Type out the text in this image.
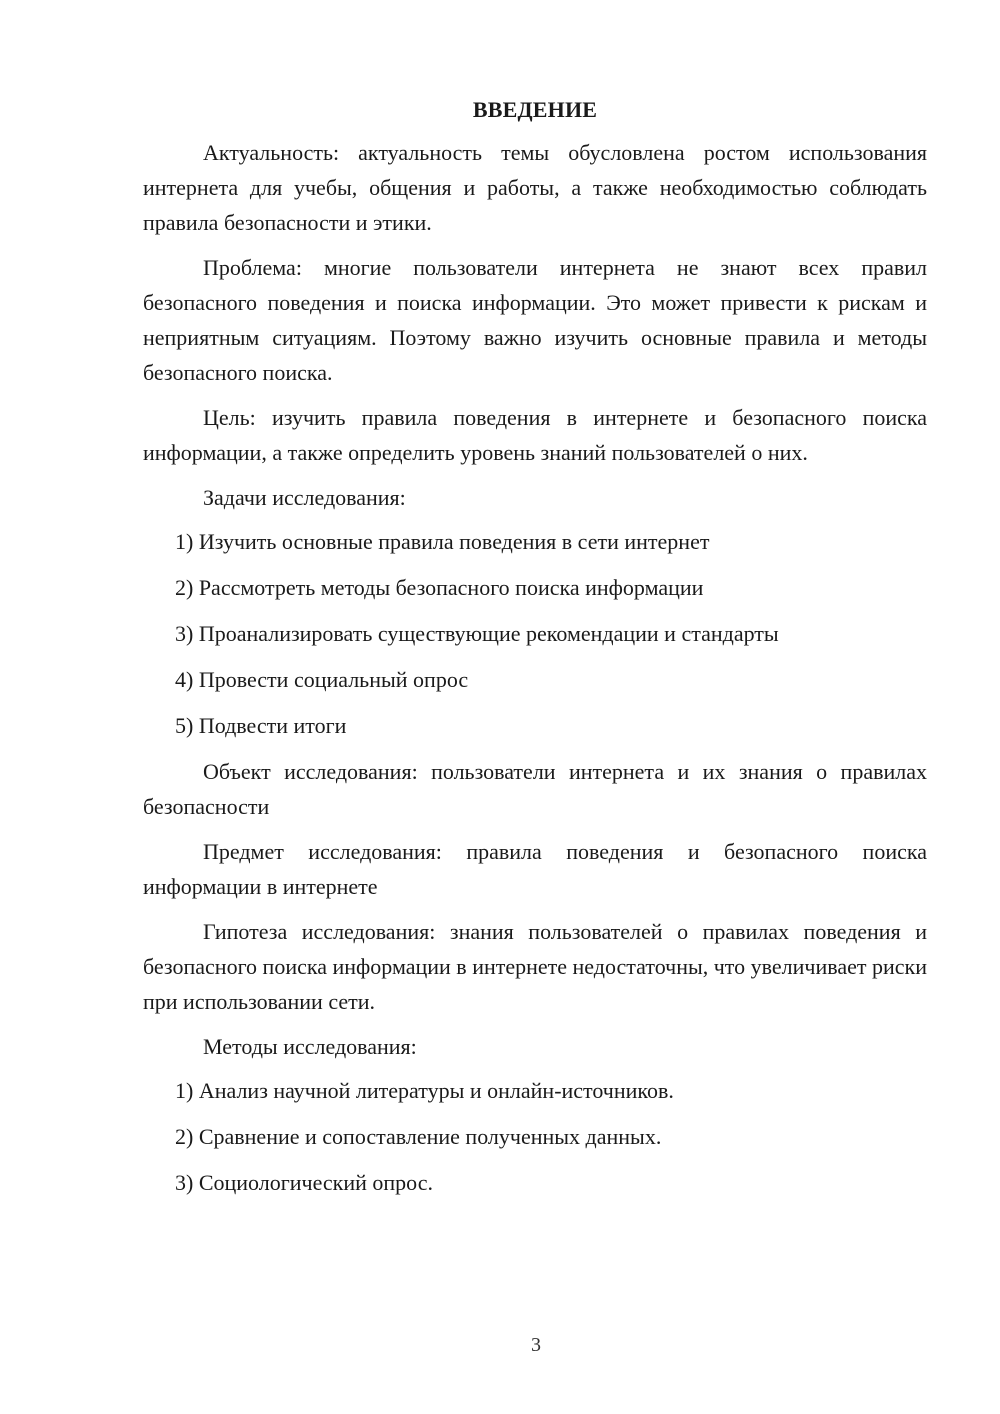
ВВЕДЕНИЕ

Актуальность: актуальность темы обусловлена ростом использования интернета для учебы, общения и работы, а также необходимостью соблюдать правила безопасности и этики.

Проблема: многие пользователи интернета не знают всех правил безопасного поведения и поиска информации. Это может привести к рискам и неприятным ситуациям. Поэтому важно изучить основные правила и методы безопасного поиска.

Цель: изучить правила поведения в интернете и безопасного поиска информации, а также определить уровень знаний пользователей о них.

Задачи исследования:

1) Изучить основные правила поведения в сети интернет
2) Рассмотреть методы безопасного поиска информации
3) Проанализировать существующие рекомендации и стандарты
4) Провести социальный опрос
5) Подвести итоги

Объект исследования: пользователи интернета и их знания о правилах безопасности

Предмет исследования: правила поведения и безопасного поиска информации в интернете

Гипотеза исследования: знания пользователей о правилах поведения и безопасного поиска информации в интернете недостаточны, что увеличивает риски при использовании сети.

Методы исследования:

1) Анализ научной литературы и онлайн-источников.
2) Сравнение и сопоставление полученных данных.
3) Социологический опрос.
3
